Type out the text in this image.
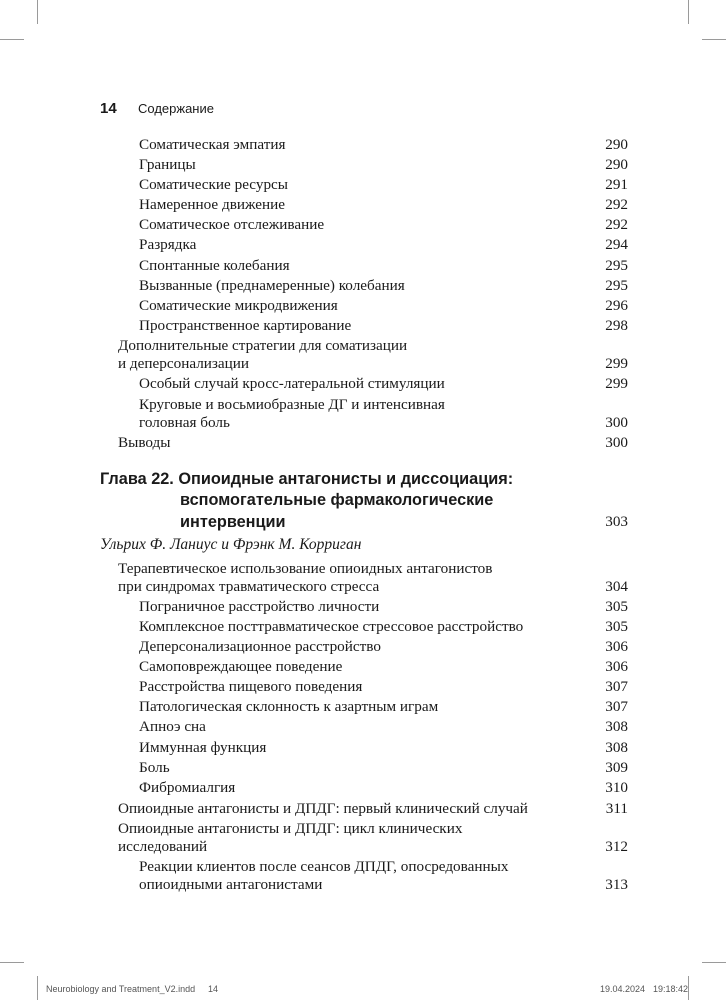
14 Содержание
Соматическая эмпатия	290
Границы	290
Соматические ресурсы	291
Намеренное движение	292
Соматическое отслеживание	292
Разрядка	294
Спонтанные колебания	295
Вызванные (преднамеренные) колебания	295
Соматические микродвижения	296
Пространственное картирование	298
Дополнительные стратегии для соматизации
и деперсонализации	299
Особый случай кросс-латеральной стимуляции	299
Круговые и восьмиобразные ДГ и интенсивная
головная боль	300
Выводы	300
Глава 22. Опиоидные антагонисты и диссоциация:
вспомогательные фармакологические
интервенции	303
Ульрих Ф. Ланиус и Фрэнк М. Корриган
Терапевтическое использование опиоидных антагонистов
при синдромах травматического стресса	304
Пограничное расстройство личности	305
Комплексное посттравматическое стрессовое расстройство	305
Деперсонализационное расстройство	306
Самоповреждающее поведение	306
Расстройства пищевого поведения	307
Патологическая склонность к азартным играм	307
Апноэ сна	308
Иммунная функция	308
Боль	309
Фибромиалгия	310
Опиоидные антагонисты и ДПДГ: первый клинический случай	311
Опиоидные антагонисты и ДПДГ: цикл клинических
исследований	312
Реакции клиентов после сеансов ДПДГ, опосредованных
опиоидными антагонистами	313
Neurobiology and Treatment_V2.indd 14	19.04.2024 19:18:42
